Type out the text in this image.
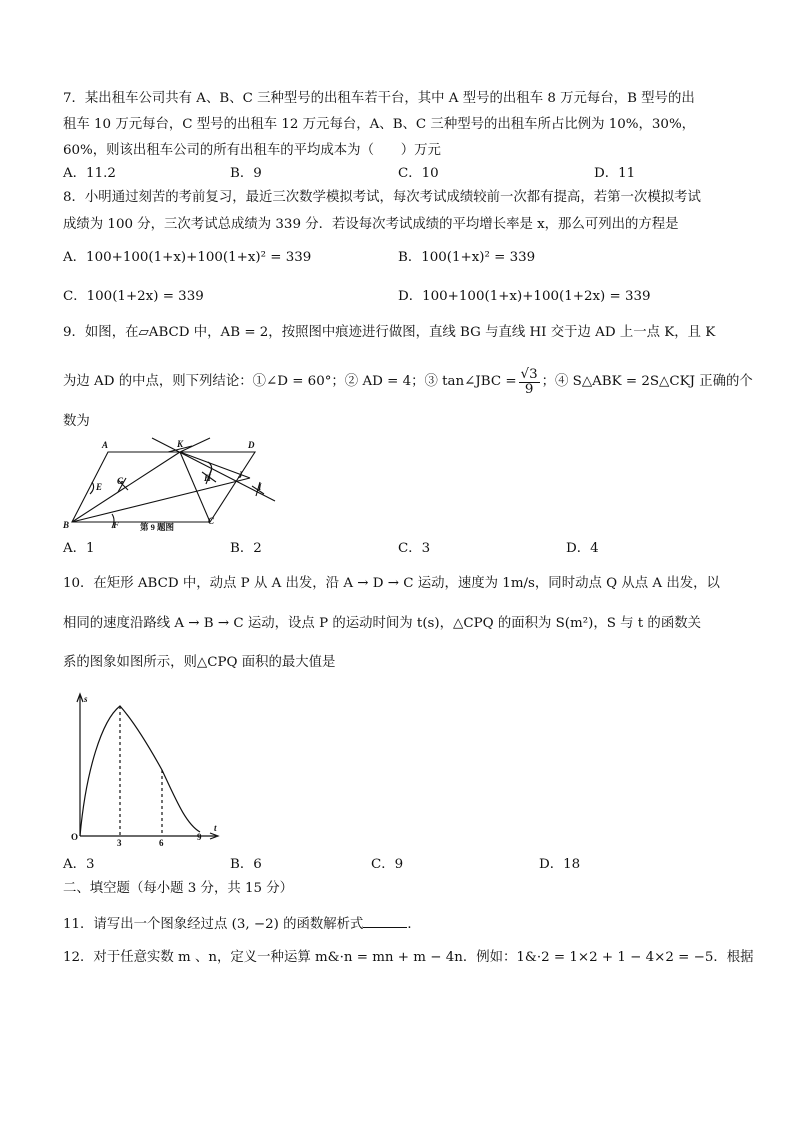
7．某出租车公司共有 A、B、C 三种型号的出租车若干台，其中 A 型号的出租车 8 万元每台，B 型号的出
租车 10 万元每台，C 型号的出租车 12 万元每台，A、B、C 三种型号的出租车所占比例为 10%，30%，
60%，则该出租车公司的所有出租车的平均成本为（　　）万元
A．11.2	B．9	C．10	D．11
8．小明通过刻苦的考前复习，最近三次数学模拟考试，每次考试成绩较前一次都有提高，若第一次模拟考试
成绩为 100 分，三次考试总成绩为 339 分．若设每次考试成绩的平均增长率是 x，那么可列出的方程是
A．100+100(1+x)+100(1+x)² = 339	B．100(1+x)² = 339
C．100(1+2x) = 339	D．100+100(1+x)+100(1+2x) = 339
9．如图，在▱ABCD 中，AB = 2，按照图中痕迹进行做图，直线 BG 与直线 HI 交于边 AD 上一点 K，且 K
为边 AD 的中点，则下列结论：①∠D = 60°；② AD = 4；③ tan∠JBC = $\frac{√3}{9}$ ；④ S△ABK = 2S△CKJ 正确的个
数为
A	K	D
E
G	H	J
I
B	F	C
第 9 题图
A．1	B．2	C．3	D．4
10．在矩形 ABCD 中，动点 P 从 A 出发，沿 A → D → C 运动，速度为 1m/s，同时动点 Q 从点 A 出发，以
相同的速度沿路线 A → B → C 运动，设点 P 的运动时间为 t(s)，△CPQ 的面积为 S(m²)，S 与 t 的函数关
系的图象如图所示，则△CPQ 面积的最大值是
s
t
O
3	6
9
A．3	B．6	C．9	D．18
二、填空题（每小题 3 分，共 15 分）
11．请写出一个图象经过点 (3, −2) 的函数解析式	．
12．对于任意实数 m 、n，定义一种运算 m&·n = mn + m − 4n．例如：1&·2 = 1×2 + 1 − 4×2 = −5．根据
